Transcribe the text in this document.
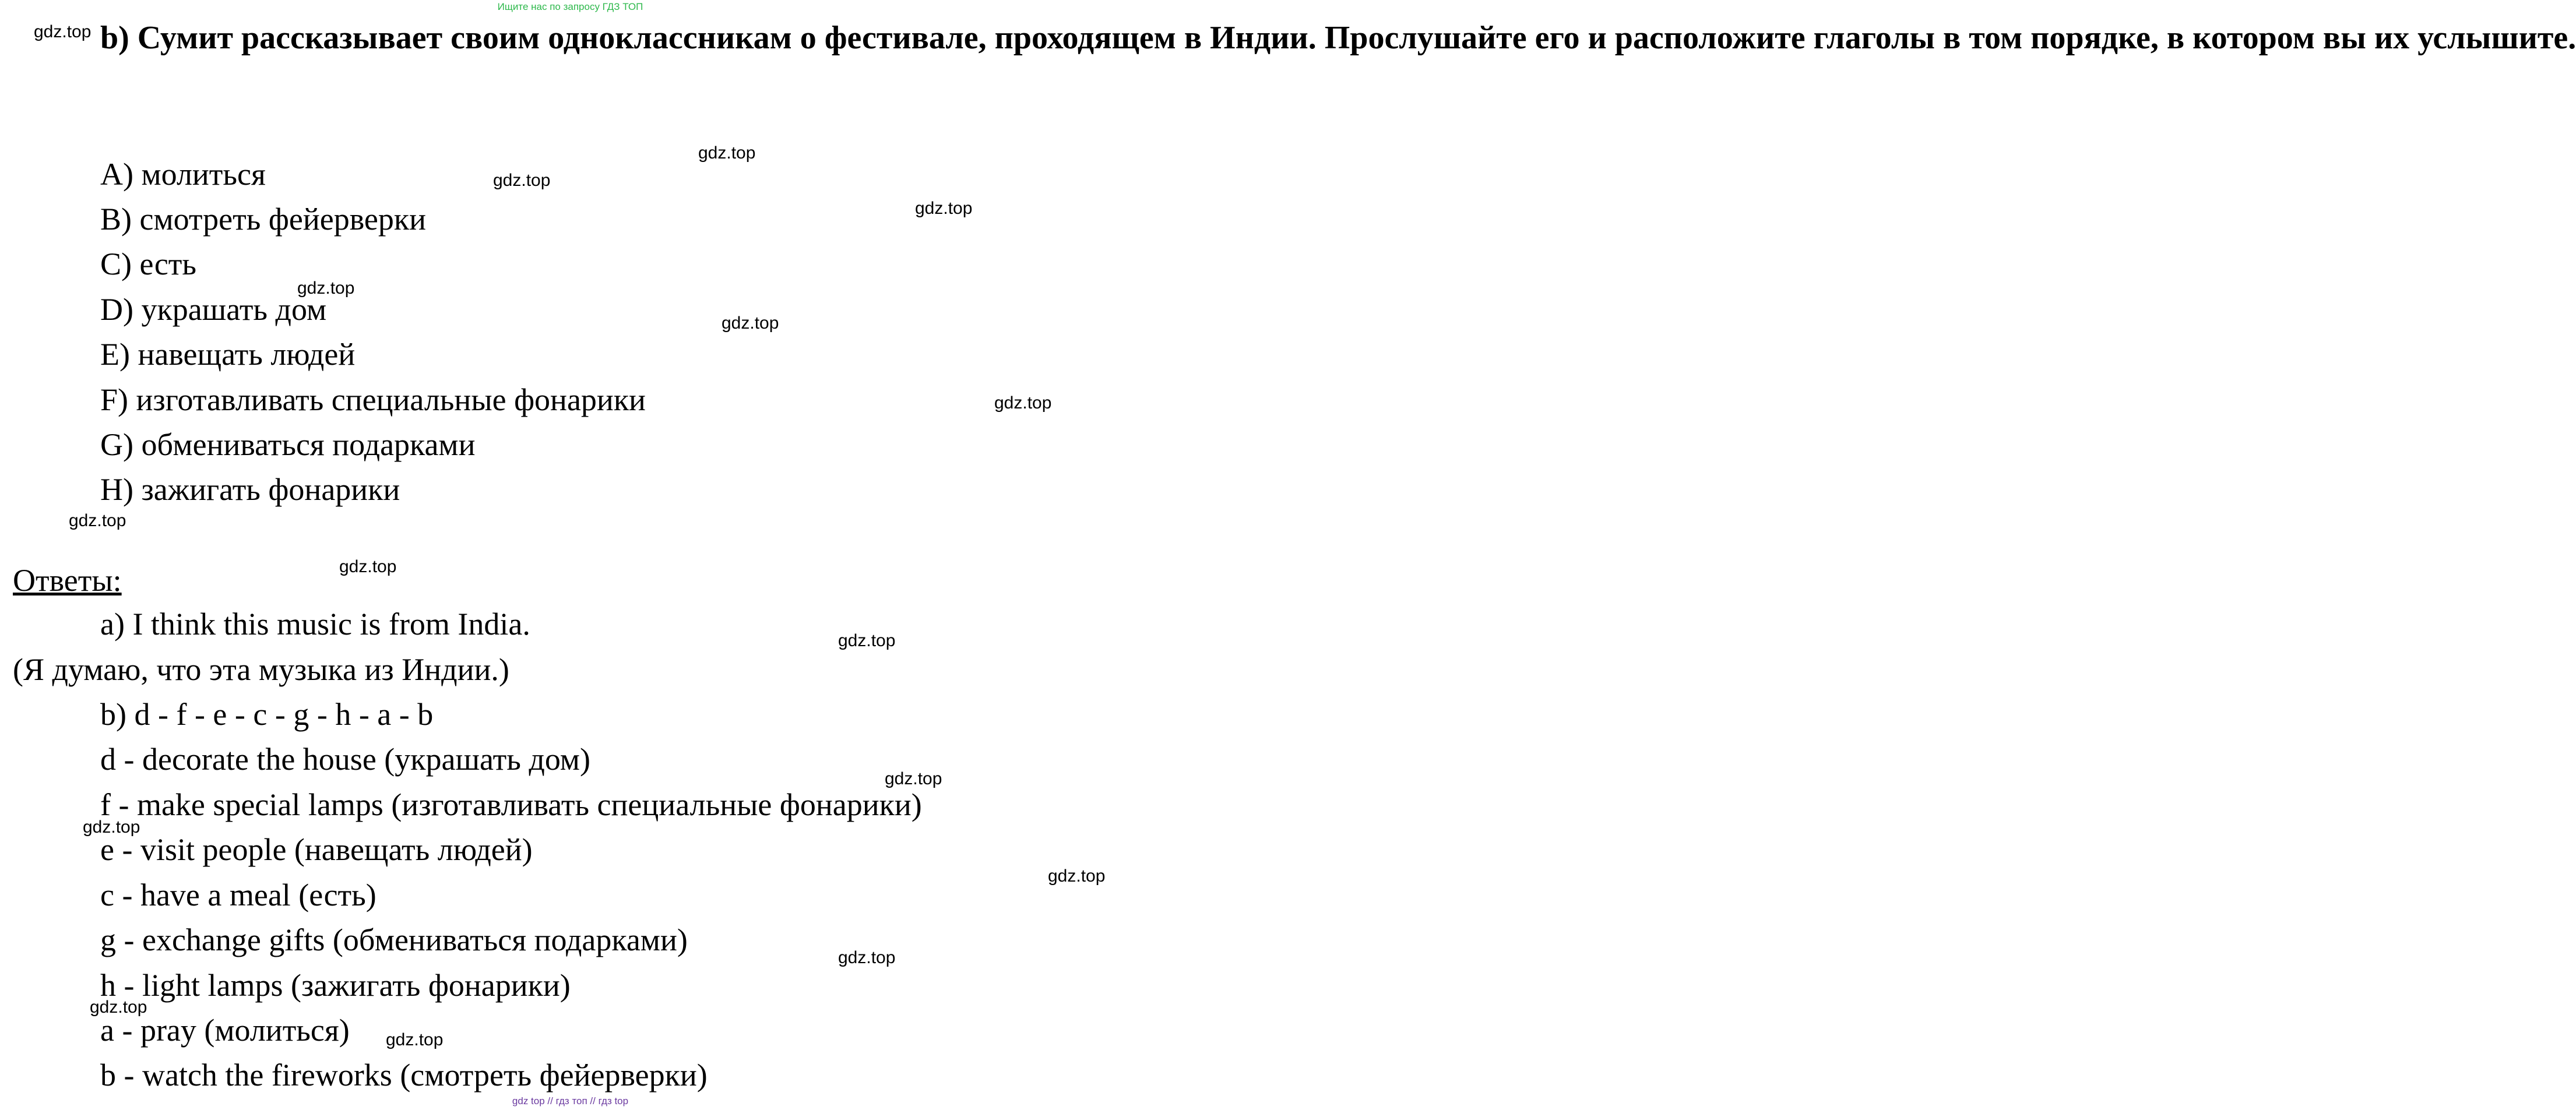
Ищите нас по запросу ГДЗ ТОП
b) Сумит рассказывает своим одноклассникам о фестивале, проходящем в Индии. Прослушайте его и расположите глаголы в том порядке, в котором вы их услышите.
A) молиться
B) смотреть фейерверки
C) есть
D) украшать дом
E) навещать людей
F) изготавливать специальные фонарики
G) обмениваться подарками
H) зажигать фонарики
Ответы:
a) I think this music is from India.
(Я думаю, что эта музыка из Индии.)
b) d - f - e - c - g - h - a - b
d - decorate the house (украшать дом)
f - make special lamps (изготавливать специальные фонарики)
e - visit people (навещать людей)
c - have a meal (есть)
g - exchange gifts (обмениваться подарками)
h - light lamps (зажигать фонарики)
a - pray (молиться)
b - watch the fireworks (смотреть фейерверки)
gdz.top
gdz.top
gdz.top
gdz.top
gdz.top
gdz.top
gdz.top
gdz.top
gdz.top
gdz.top
gdz.top
gdz.top
gdz.top
gdz.top
gdz.top
gdz.top
gdz top // гдз топ // гдз top
